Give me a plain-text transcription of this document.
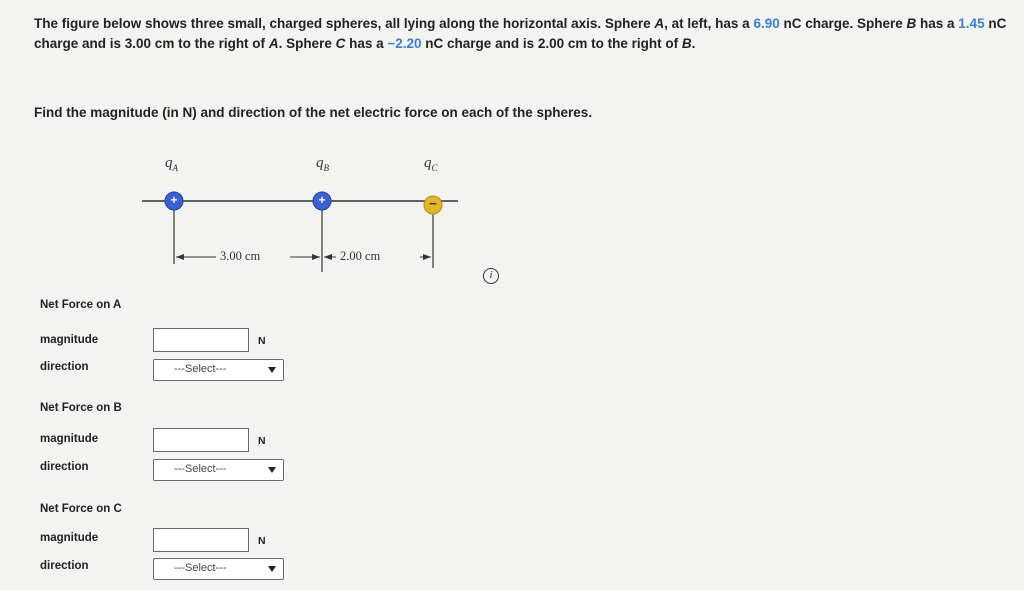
The figure below shows three small, charged spheres, all lying along the horizontal axis. Sphere A, at left, has a 6.90 nC charge. Sphere B has a 1.45 nC charge and is 3.00 cm to the right of A. Sphere C has a −2.20 nC charge and is 2.00 cm to the right of B.
Find the magnitude (in N) and direction of the net electric force on each of the spheres.
$q_A$	$q_B$	$q_C$
+	+	−
3.00 cm	2.00 cm
i
Net Force on A
magnitude	N
direction	---Select---
Net Force on B
magnitude	N
direction	---Select---
Net Force on C
magnitude	N
direction	---Select---
